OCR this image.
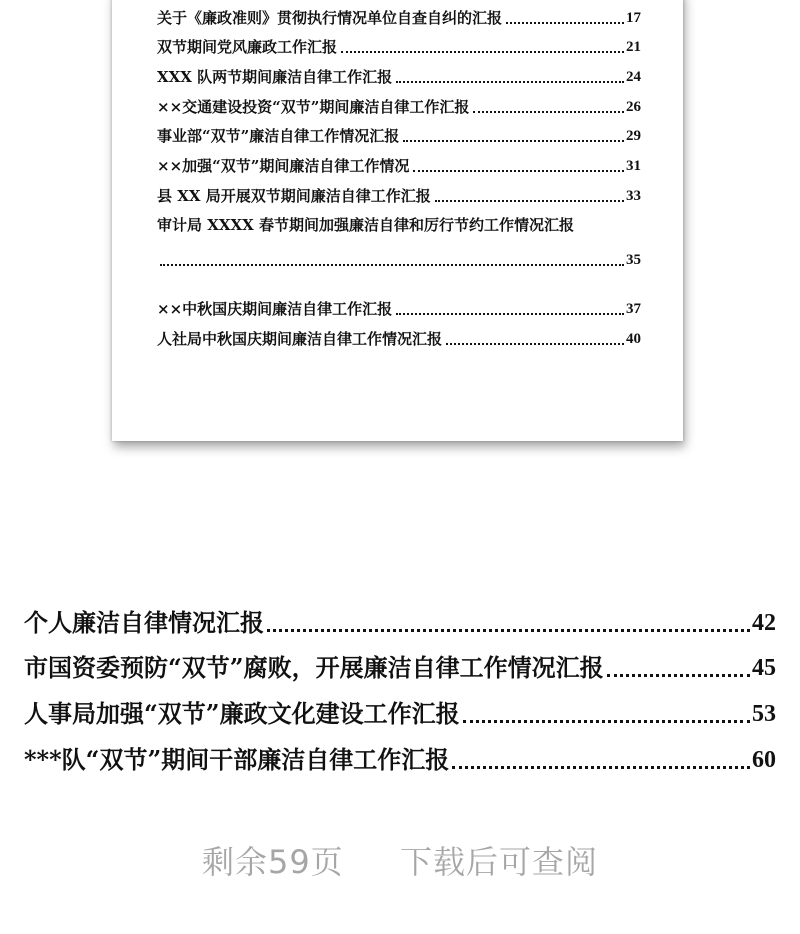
关于《廉政准则》贯彻执行情况单位自查自纠的汇报	17
双节期间党风廉政工作汇报	21
XXX 队两节期间廉洁自律工作汇报	24
××交通建设投资“双节”期间廉洁自律工作汇报	26
事业部“双节”廉洁自律工作情况汇报	29
××加强“双节”期间廉洁自律工作情况	31
县 XX 局开展双节期间廉洁自律工作汇报	33
审计局 XXXX 春节期间加强廉洁自律和厉行节约工作情况汇报
35
××中秋国庆期间廉洁自律工作汇报	37
人社局中秋国庆期间廉洁自律工作情况汇报	40
个人廉洁自律情况汇报	42
市国资委预防“双节”腐败，开展廉洁自律工作情况汇报	45
人事局加强“双节”廉政文化建设工作汇报	53
***队“双节”期间干部廉洁自律工作汇报	60
剩余59页 下载后可查阅
